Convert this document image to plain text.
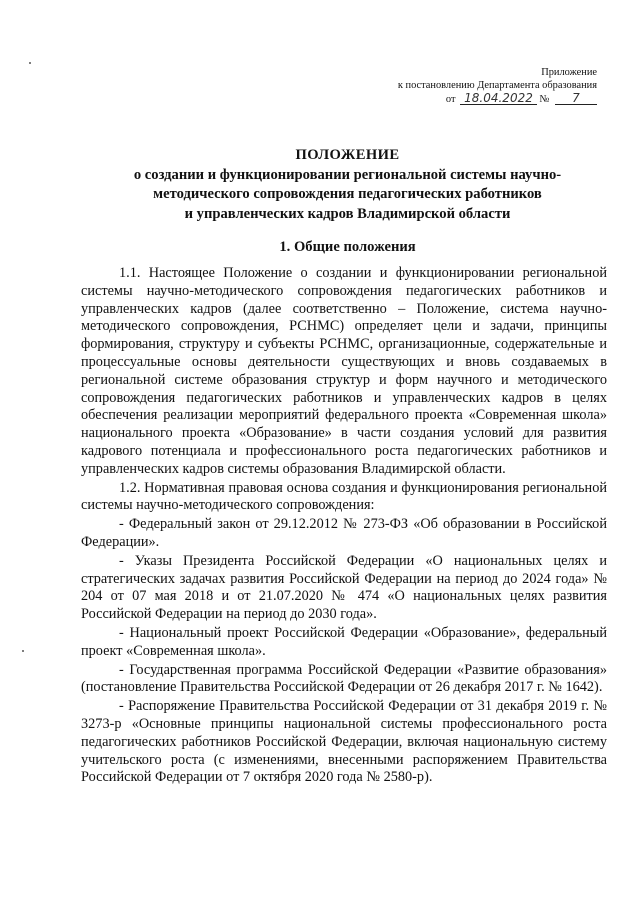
Приложение
к постановлению Департамента образования
от 18.04.2022 № 7
ПОЛОЖЕНИЕ
о создании и функционировании региональной системы научно-
методического сопровождения педагогических работников
и управленческих кадров Владимирской области
1. Общие положения

1.1. Настоящее Положение о создании и функционировании региональной системы научно-методического сопровождения педагогических работников и управленческих кадров (далее соответственно – Положение, система научно-методического сопровождения, РСНМС) определяет цели и задачи, принципы формирования, структуру и субъекты РСНМС, организационные, содержательные и процессуальные основы деятельности существующих и вновь создаваемых в региональной системе образования структур и форм научного и методического сопровождения педагогических работников и управленческих кадров в целях обеспечения реализации мероприятий федерального проекта «Современная школа» национального проекта «Образование» в части создания условий для развития кадрового потенциала и профессионального роста педагогических работников и управленческих кадров системы образования Владимирской области.

1.2. Нормативная правовая основа создания и функционирования региональной системы научно-методического сопровождения:

- Федеральный закон от 29.12.2012 № 273-ФЗ «Об образовании в Российской Федерации».

- Указы Президента Российской Федерации «О национальных целях и стратегических задачах развития Российской Федерации на период до 2024 года» № 204 от 07 мая 2018 и от 21.07.2020 № 474 «О национальных целях развития Российской Федерации на период до 2030 года».

- Национальный проект Российской Федерации «Образование», федеральный проект «Современная школа».

- Государственная программа Российской Федерации «Развитие образования» (постановление Правительства Российской Федерации от 26 декабря 2017 г. № 1642).

- Распоряжение Правительства Российской Федерации от 31 декабря 2019 г. № 3273-р «Основные принципы национальной системы профессионального роста педагогических работников Российской Федерации, включая национальную систему учительского роста (с изменениями, внесенными распоряжением Правительства Российской Федерации от 7 октября 2020 года № 2580-р).
